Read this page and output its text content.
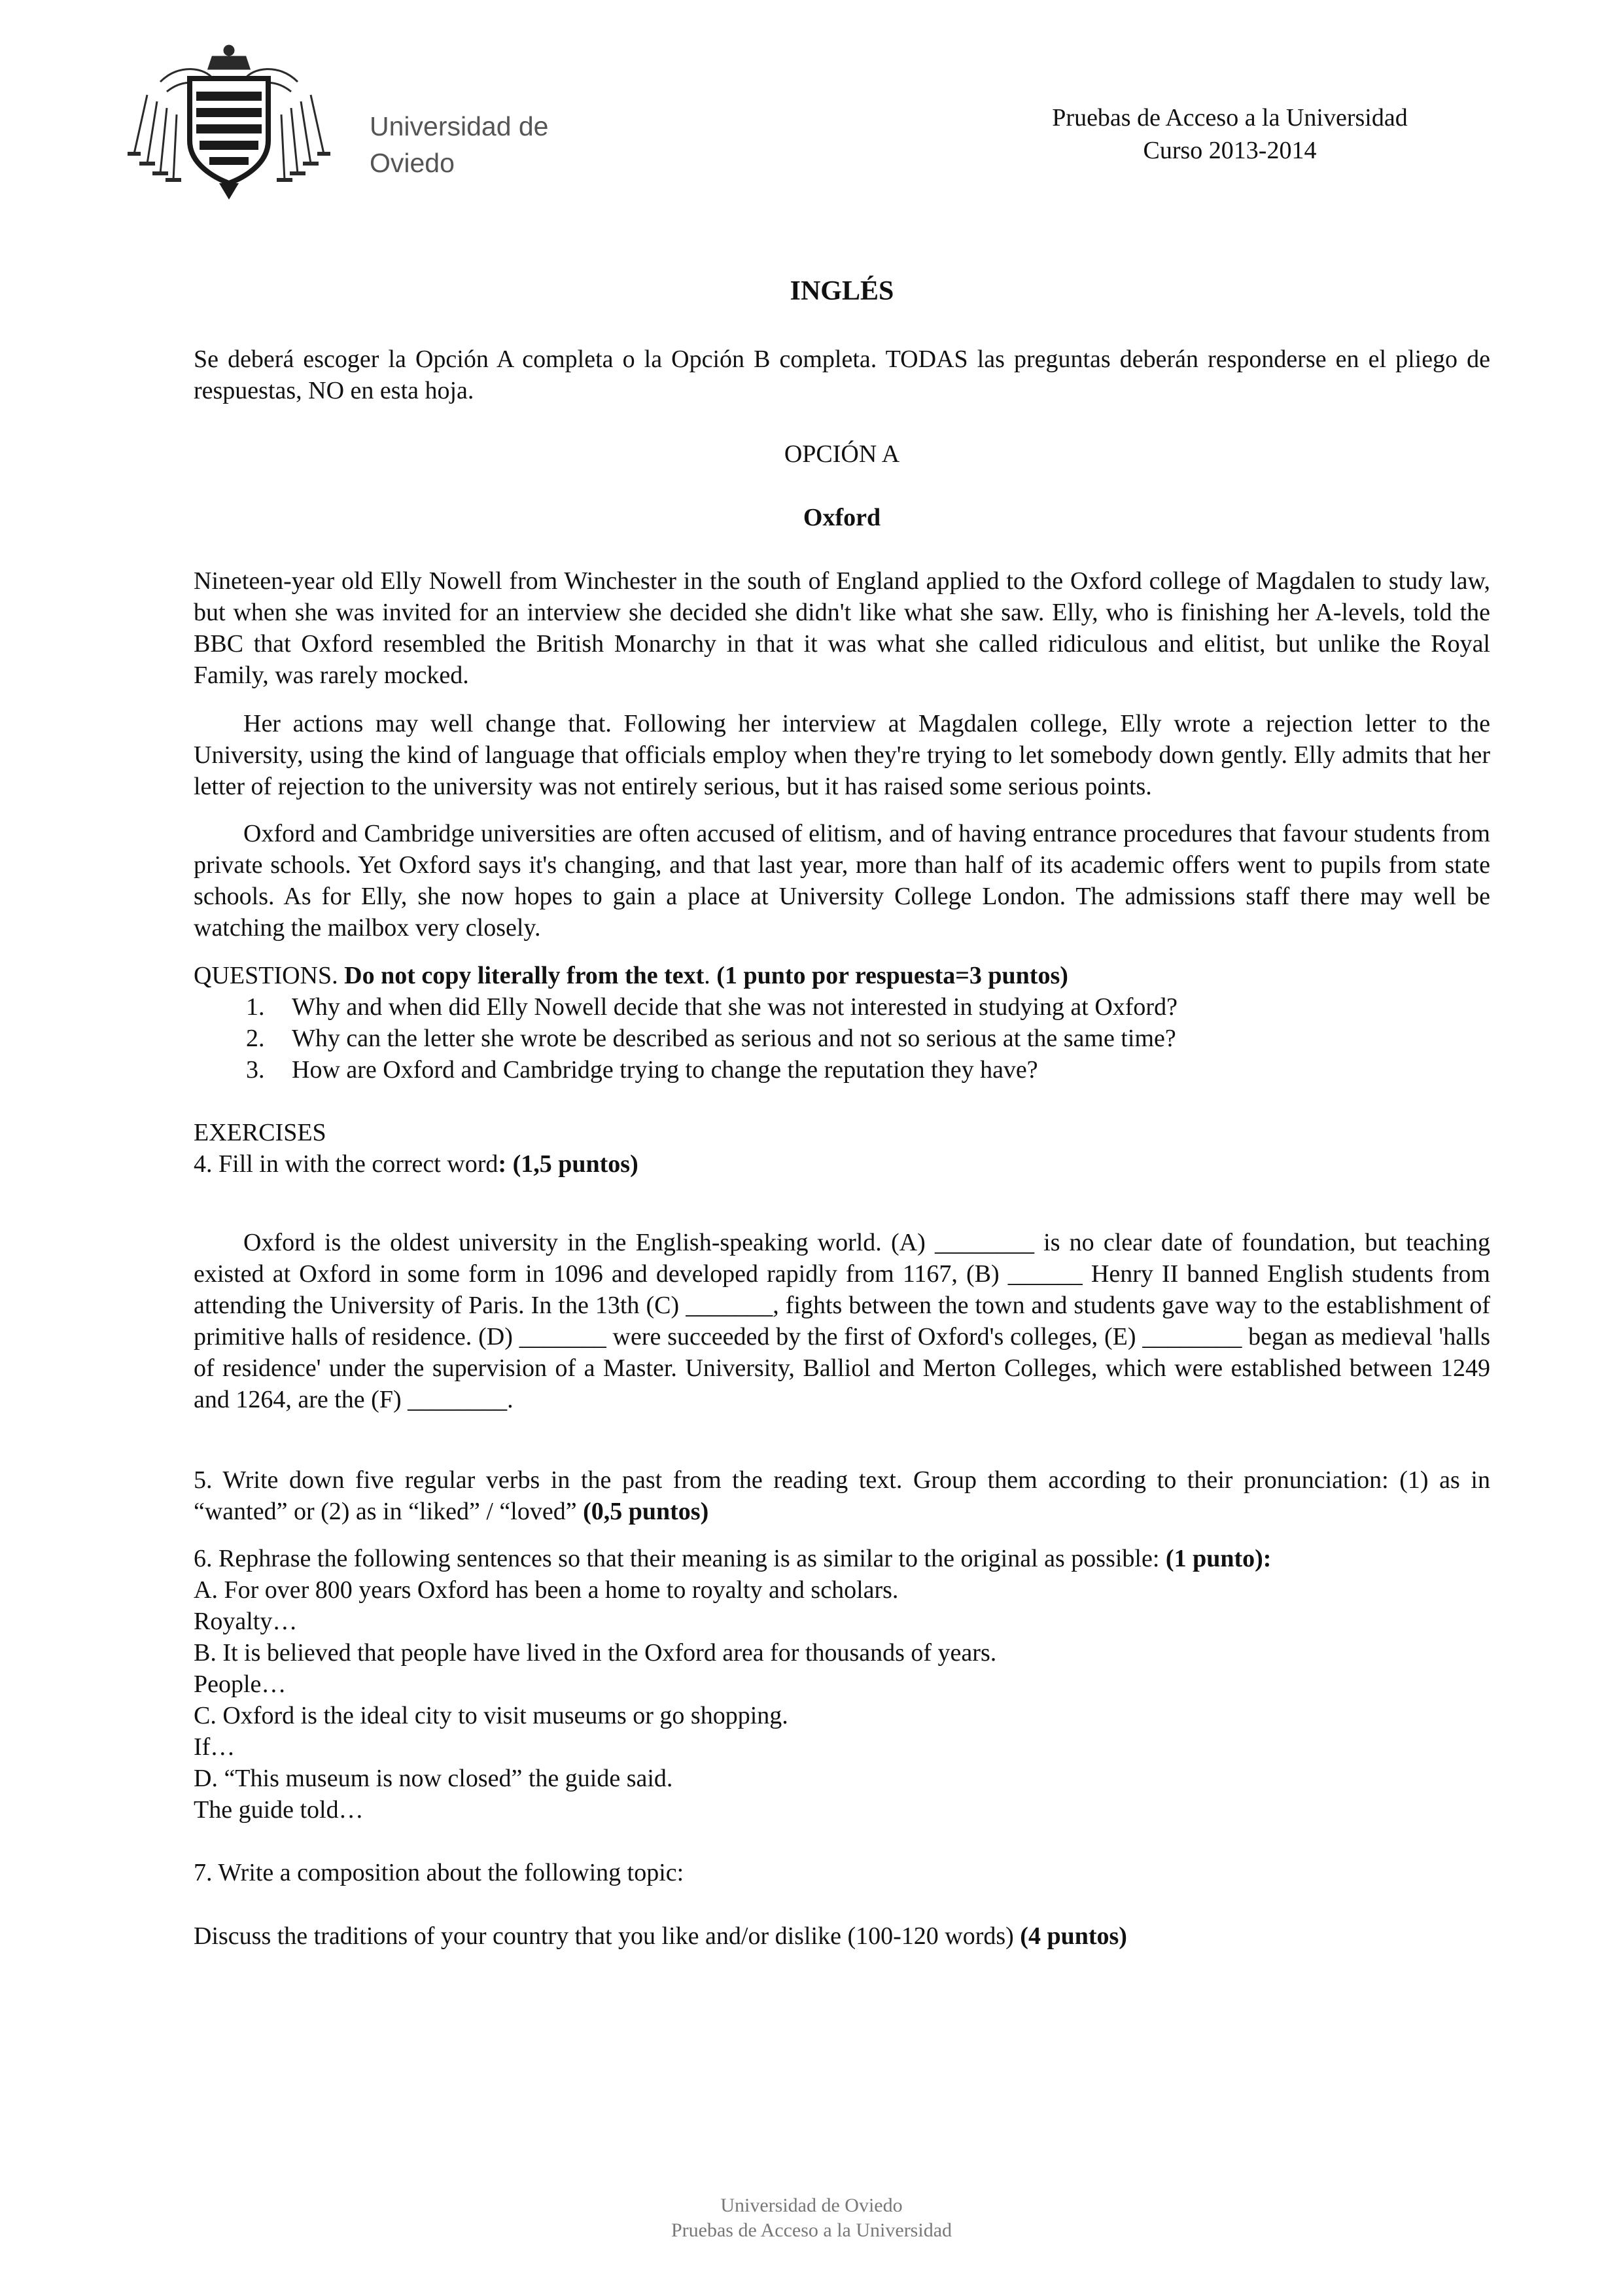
Universidad de
Oviedo
Pruebas de Acceso a la Universidad
Curso 2013-2014
INGLÉS

Se deberá escoger la Opción A completa o la Opción B completa. TODAS las preguntas deberán responderse en el pliego de respuestas, NO en esta hoja.

OPCIÓN A
Oxford

Nineteen-year old Elly Nowell from Winchester in the south of England applied to the Oxford college of Magdalen to study law, but when she was invited for an interview she decided she didn't like what she saw. Elly, who is finishing her A-levels, told the BBC that Oxford resembled the British Monarchy in that it was what she called ridiculous and elitist, but unlike the Royal Family, was rarely mocked.

Her actions may well change that. Following her interview at Magdalen college, Elly wrote a rejection letter to the University, using the kind of language that officials employ when they're trying to let somebody down gently. Elly admits that her letter of rejection to the university was not entirely serious, but it has raised some serious points.

Oxford and Cambridge universities are often accused of elitism, and of having entrance procedures that favour students from private schools. Yet Oxford says it's changing, and that last year, more than half of its academic offers went to pupils from state schools. As for Elly, she now hopes to gain a place at University College London. The admissions staff there may well be watching the mailbox very closely.

QUESTIONS. Do not copy literally from the text. (1 punto por respuesta=3 puntos)
1. Why and when did Elly Nowell decide that she was not interested in studying at Oxford?
2. Why can the letter she wrote be described as serious and not so serious at the same time?
3. How are Oxford and Cambridge trying to change the reputation they have?
EXERCISES
4. Fill in with the correct word: (1,5 puntos)

Oxford is the oldest university in the English-speaking world. (A) ________ is no clear date of foundation, but teaching existed at Oxford in some form in 1096 and developed rapidly from 1167, (B) ______ Henry II banned English students from attending the University of Paris. In the 13th (C) _______, fights between the town and students gave way to the establishment of primitive halls of residence. (D) _______ were succeeded by the first of Oxford's colleges, (E) ________ began as medieval 'halls of residence' under the supervision of a Master. University, Balliol and Merton Colleges, which were established between 1249 and 1264, are the (F) ________.

5. Write down five regular verbs in the past from the reading text. Group them according to their pronunciation: (1) as in “wanted” or (2) as in “liked” / “loved” (0,5 puntos)

6. Rephrase the following sentences so that their meaning is as similar to the original as possible: (1 punto):
A. For over 800 years Oxford has been a home to royalty and scholars.
Royalty…
B. It is believed that people have lived in the Oxford area for thousands of years.
People…
C. Oxford is the ideal city to visit museums or go shopping.
If…
D. “This museum is now closed” the guide said.
The guide told…
7. Write a composition about the following topic:
Discuss the traditions of your country that you like and/or dislike (100-120 words) (4 puntos)
Universidad de Oviedo
Pruebas de Acceso a la Universidad
